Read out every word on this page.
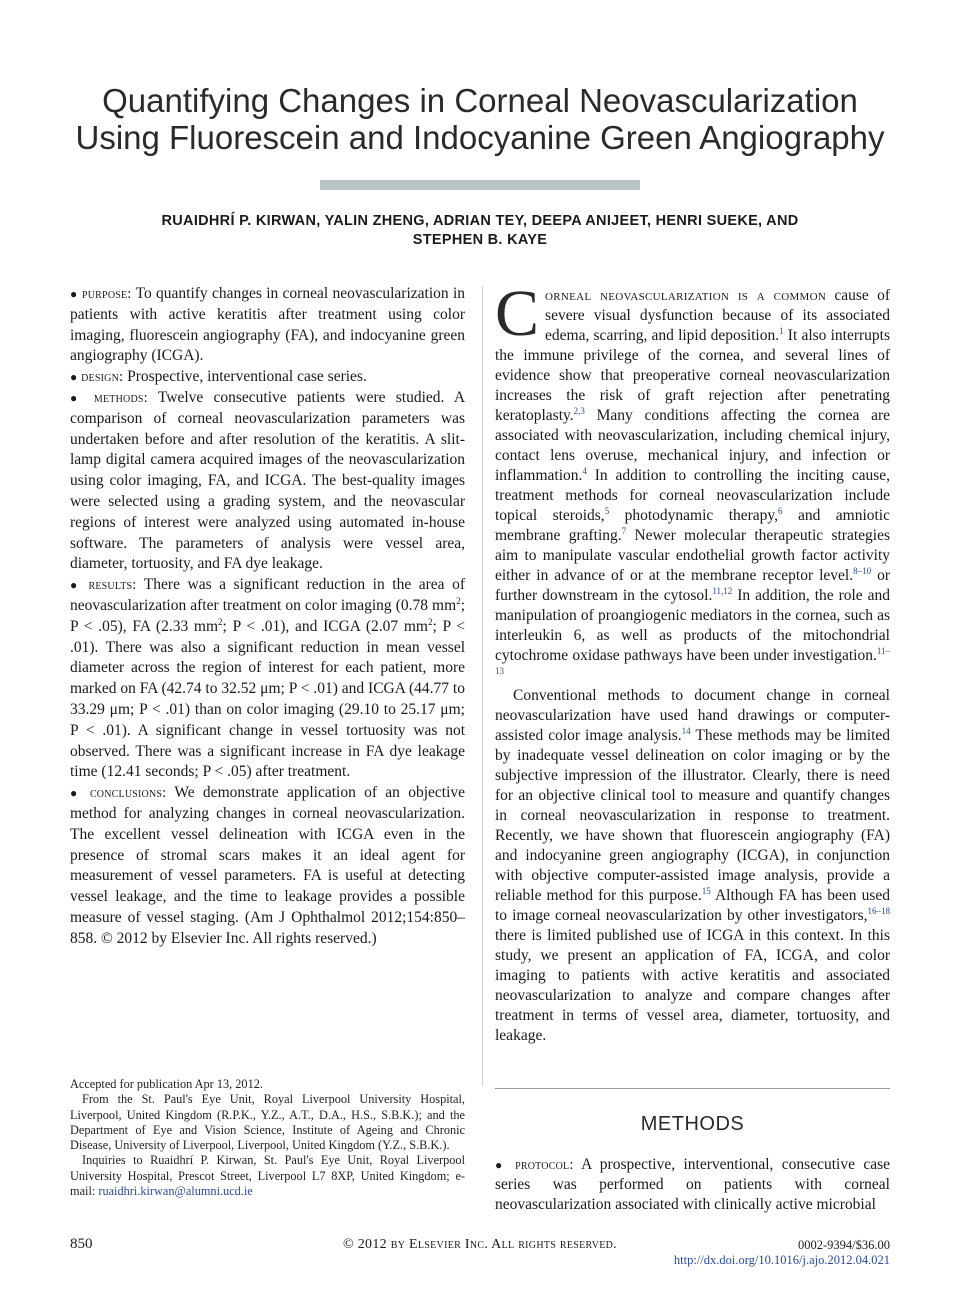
Quantifying Changes in Corneal Neovascularization
Using Fluorescein and Indocyanine Green Angiography
RUAIDHRÍ P. KIRWAN, YALIN ZHENG, ADRIAN TEY, DEEPA ANIJEET, HENRI SUEKE, AND
STEPHEN B. KAYE

● purpose: To quantify changes in corneal neovascularization in patients with active keratitis after treatment using color imaging, fluorescein angiography (FA), and indocyanine green angiography (ICGA).

● design: Prospective, interventional case series.

● methods: Twelve consecutive patients were studied. A comparison of corneal neovascularization parameters was undertaken before and after resolution of the keratitis. A slit-lamp digital camera acquired images of the neovascularization using color imaging, FA, and ICGA. The best-quality images were selected using a grading system, and the neovascular regions of interest were analyzed using automated in-house software. The parameters of analysis were vessel area, diameter, tortuosity, and FA dye leakage.

● results: There was a significant reduction in the area of neovascularization after treatment on color imaging (0.78 $mm^2$; P < .05), FA (2.33 $mm^2$; P < .01), and ICGA (2.07 $mm^2$; P < .01). There was also a significant reduction in mean vessel diameter across the region of interest for each patient, more marked on FA (42.74 to 32.52 μm; P < .01) and ICGA (44.77 to 33.29 μm; P < .01) than on color imaging (29.10 to 25.17 μm; P < .01). A significant change in vessel tortuosity was not observed. There was a significant increase in FA dye leakage time (12.41 seconds; P < .05) after treatment.

● conclusions: We demonstrate application of an objective method for analyzing changes in corneal neovascularization. The excellent vessel delineation with ICGA even in the presence of stromal scars makes it an ideal agent for measurement of vessel parameters. FA is useful at detecting vessel leakage, and the time to leakage provides a possible measure of vessel staging. (Am J Ophthalmol 2012;154:850–858. © 2012 by Elsevier Inc. All rights reserved.)

Accepted for publication Apr 13, 2012.

From the St. Paul's Eye Unit, Royal Liverpool University Hospital, Liverpool, United Kingdom (R.P.K., Y.Z., A.T., D.A., H.S., S.B.K.); and the Department of Eye and Vision Science, Institute of Ageing and Chronic Disease, University of Liverpool, Liverpool, United Kingdom (Y.Z., S.B.K.).

Inquiries to Ruaidhrí P. Kirwan, St. Paul's Eye Unit, Royal Liverpool University Hospital, Prescot Street, Liverpool L7 8XP, United Kingdom; e-mail: ruaidhri.kirwan@alumni.ucd.ie

Corneal neovascularization is a common cause of severe visual dysfunction because of its associated edema, scarring, and lipid deposition.$^1$ It also interrupts the immune privilege of the cornea, and several lines of evidence show that preoperative corneal neovascularization increases the risk of graft rejection after penetrating keratoplasty.$^{2,3}$ Many conditions affecting the cornea are associated with neovascularization, including chemical injury, contact lens overuse, mechanical injury, and infection or inflammation.$^4$ In addition to controlling the inciting cause, treatment methods for corneal neovascularization include topical steroids,$^5$ photodynamic therapy,$^6$ and amniotic membrane grafting.$^7$ Newer molecular therapeutic strategies aim to manipulate vascular endothelial growth factor activity either in advance of or at the membrane receptor level.$^{8-10}$ or further downstream in the cytosol.$^{11,12}$ In addition, the role and manipulation of proangiogenic mediators in the cornea, such as interleukin 6, as well as products of the mitochondrial cytochrome oxidase pathways have been under investigation.$^{11-13}$

Conventional methods to document change in corneal neovascularization have used hand drawings or computer-assisted color image analysis.$^{14}$ These methods may be limited by inadequate vessel delineation on color imaging or by the subjective impression of the illustrator. Clearly, there is need for an objective clinical tool to measure and quantify changes in corneal neovascularization in response to treatment. Recently, we have shown that fluorescein angiography (FA) and indocyanine green angiography (ICGA), in conjunction with objective computer-assisted image analysis, provide a reliable method for this purpose.$^{15}$ Although FA has been used to image corneal neovascularization by other investigators,$^{16-18}$ there is limited published use of ICGA in this context. In this study, we present an application of FA, ICGA, and color imaging to patients with active keratitis and associated neovascularization to analyze and compare changes after treatment in terms of vessel area, diameter, tortuosity, and leakage.

METHODS
● protocol: A prospective, interventional, consecutive case series was performed on patients with corneal neovascularization associated with clinically active microbial
850	© 2012 by Elsevier Inc. All rights reserved.	0002-9394/$36.00
http://dx.doi.org/10.1016/j.ajo.2012.04.021
